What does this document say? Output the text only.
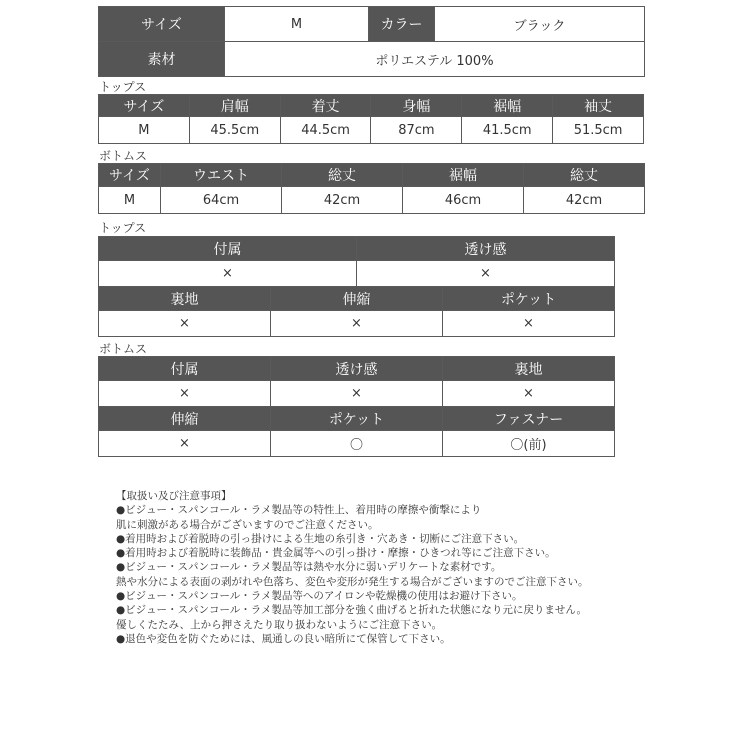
サイズ	M	カラー	ブラック
素材	ポリエステル 100%		
トップス
サイズ	肩幅	着丈	身幅	裾幅	袖丈
M	45.5cm	44.5cm	87cm	41.5cm	51.5cm
ボトムス
サイズ	ウエスト	総丈	裾幅	総丈
M	64cm	42cm	46cm	42cm
トップス
付属	透け感
×	×
裏地	伸縮	ポケット
×	×	×
ボトムス
付属	透け感	裏地
×	×	×
伸縮	ポケット	ファスナー
×	〇	〇(前)
【取扱い及び注意事項】
●ビジュー・スパンコール・ラメ製品等の特性上、着用時の摩擦や衝撃により
肌に刺激がある場合がございますのでご注意ください。
●着用時および着脱時の引っ掛けによる生地の糸引き・穴あき・切断にご注意下さい。
●着用時および着脱時に装飾品・貴金属等への引っ掛け・摩擦・ひきつれ等にご注意下さい。
●ビジュー・スパンコール・ラメ製品等は熱や水分に弱いデリケートな素材です。
熱や水分による表面の剥がれや色落ち、変色や変形が発生する場合がございますのでご注意下さい。
●ビジュー・スパンコール・ラメ製品等へのアイロンや乾燥機の使用はお避け下さい。
●ビジュー・スパンコール・ラメ製品等加工部分を強く曲げると折れた状態になり元に戻りません。
優しくたたみ、上から押さえたり取り扱わないようにご注意下さい。
●退色や変色を防ぐためには、風通しの良い暗所にて保管して下さい。
